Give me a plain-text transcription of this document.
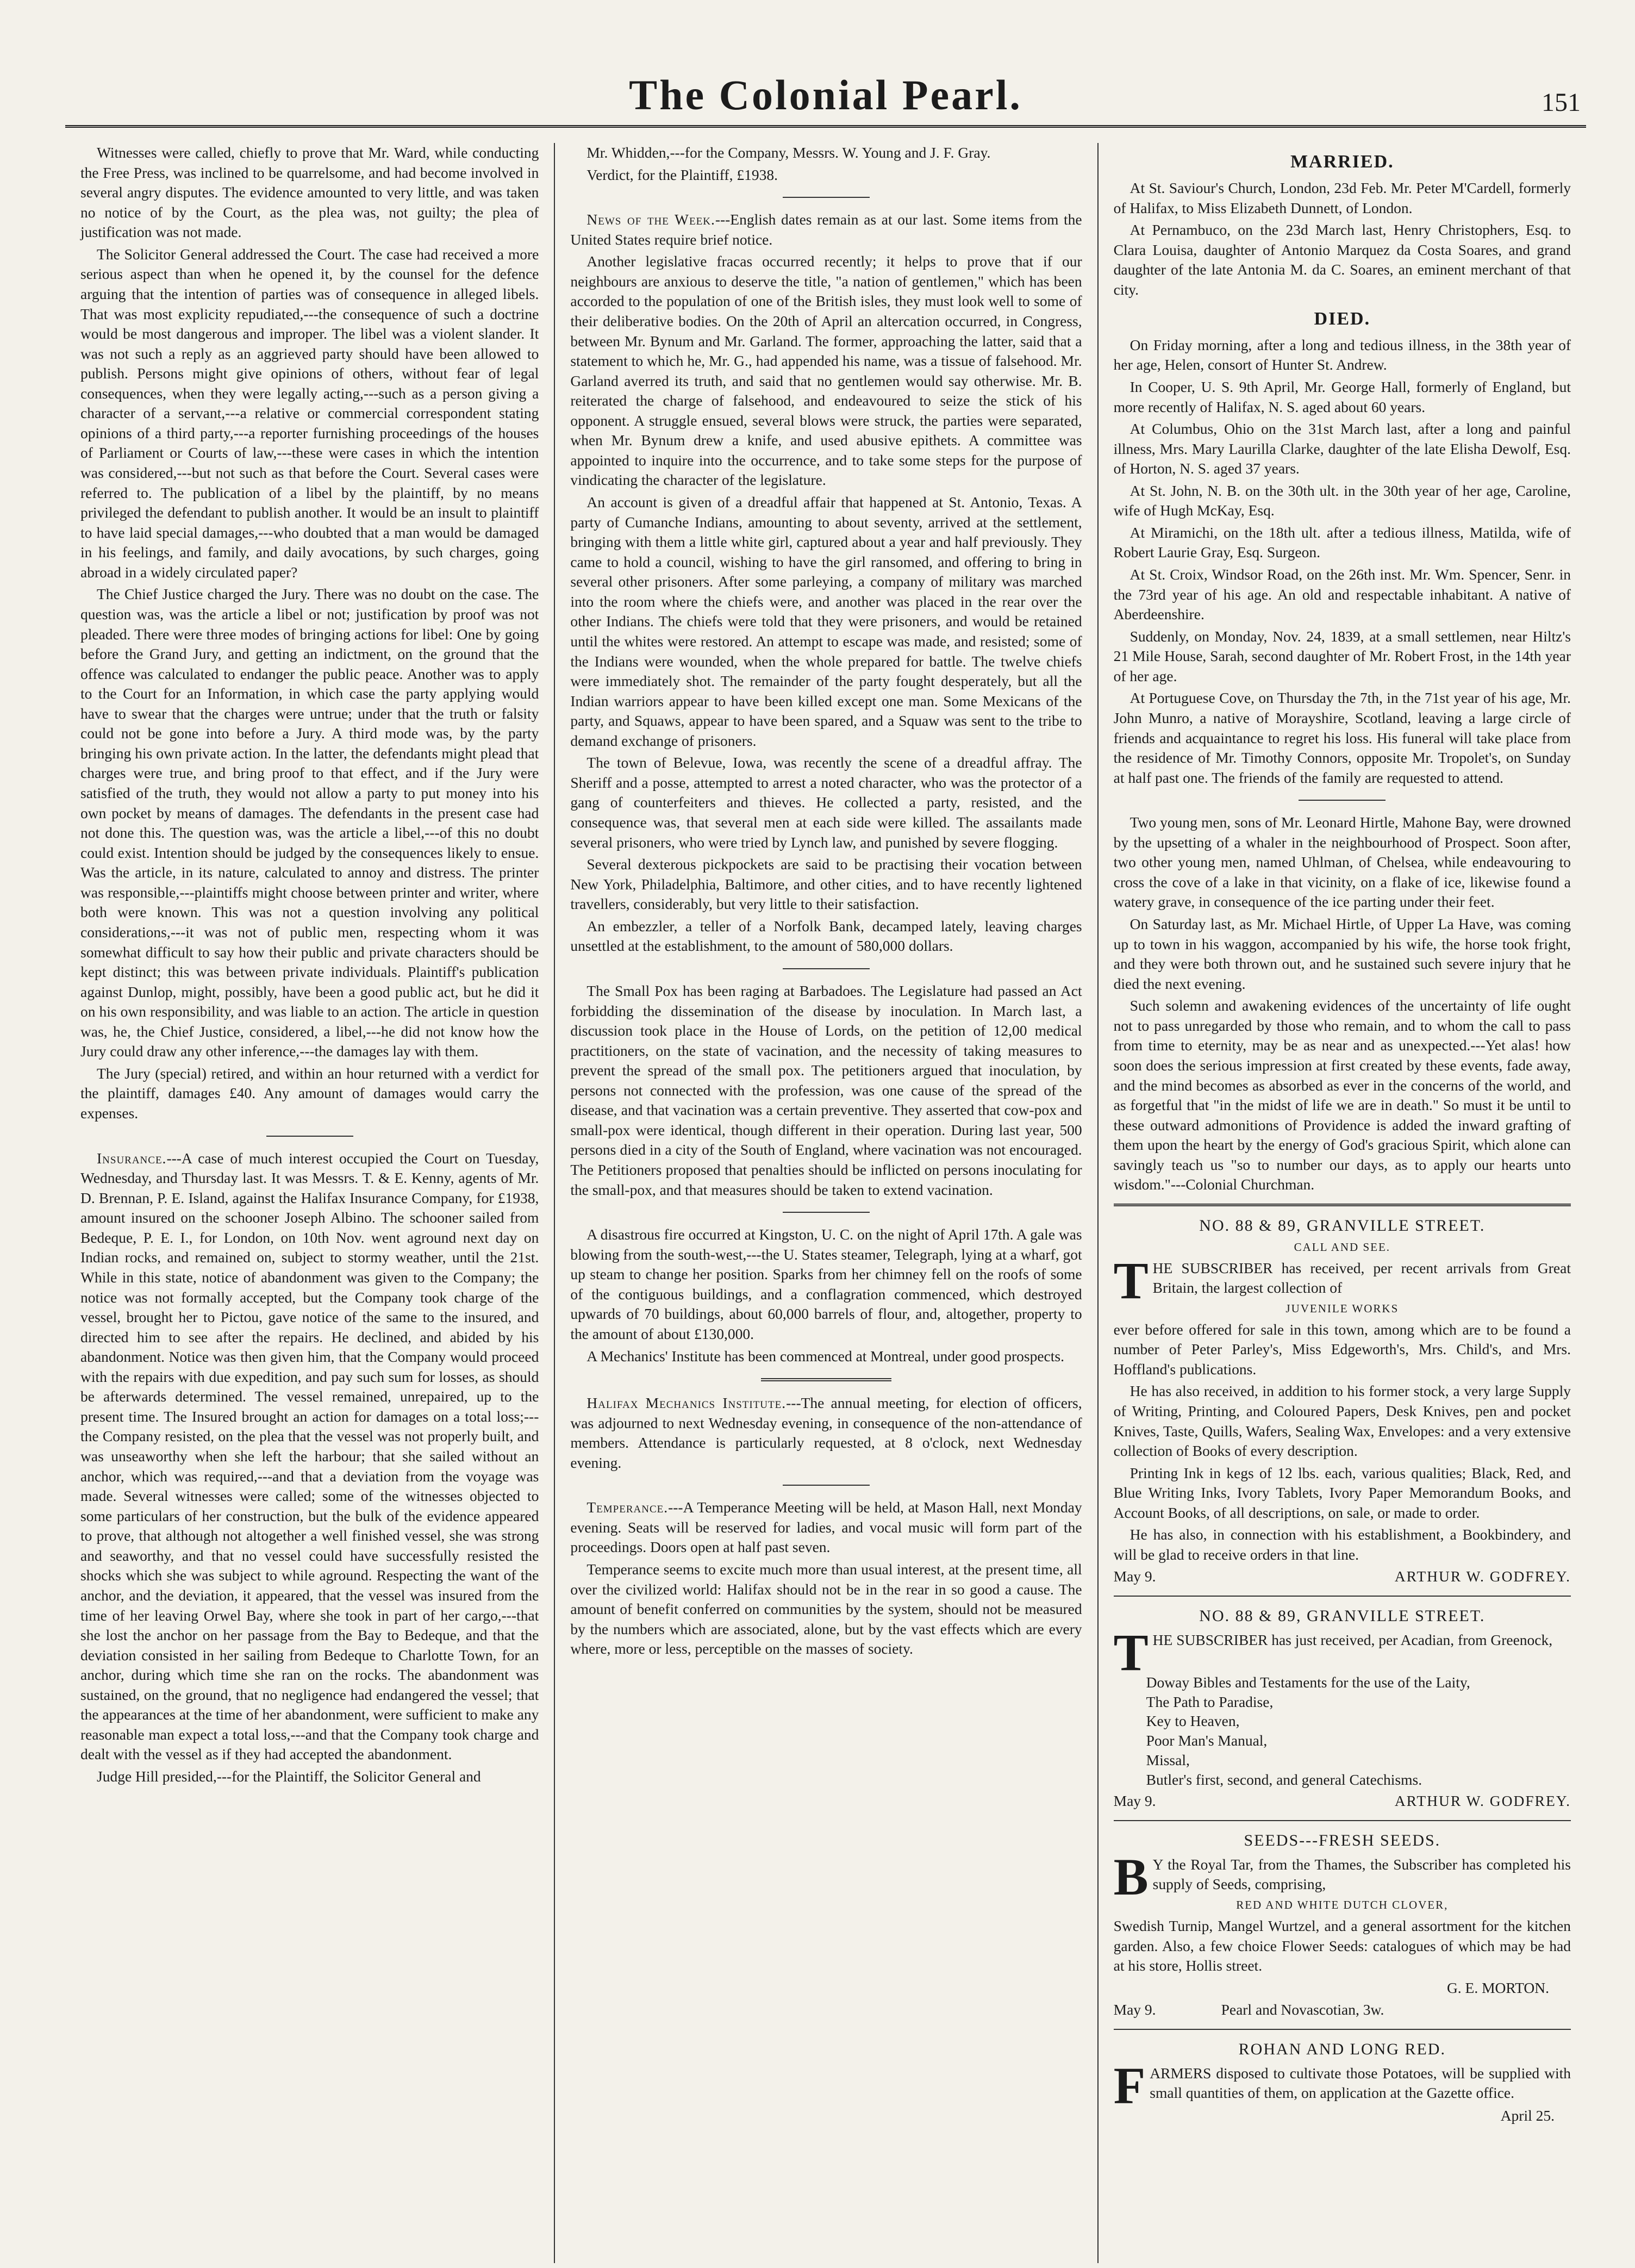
The Colonial Pearl.	151

Witnesses were called, chiefly to prove that Mr. Ward, while conducting the Free Press, was inclined to be quarrelsome, and had become involved in several angry disputes. The evidence amounted to very little, and was taken no notice of by the Court, as the plea was, not guilty; the plea of justification was not made.

The Solicitor General addressed the Court. The case had received a more serious aspect than when he opened it, by the counsel for the defence arguing that the intention of parties was of consequence in alleged libels. That was most explicity repudiated,---the consequence of such a doctrine would be most dangerous and improper. The libel was a violent slander. It was not such a reply as an aggrieved party should have been allowed to publish. Persons might give opinions of others, without fear of legal consequences, when they were legally acting,---such as a person giving a character of a servant,---a relative or commercial correspondent stating opinions of a third party,---a reporter furnishing proceedings of the houses of Parliament or Courts of law,---these were cases in which the intention was considered,---but not such as that before the Court. Several cases were referred to. The publication of a libel by the plaintiff, by no means privileged the defendant to publish another. It would be an insult to plaintiff to have laid special damages,---who doubted that a man would be damaged in his feelings, and family, and daily avocations, by such charges, going abroad in a widely circulated paper?

The Chief Justice charged the Jury. There was no doubt on the case. The question was, was the article a libel or not; justification by proof was not pleaded. There were three modes of bringing actions for libel: One by going before the Grand Jury, and getting an indictment, on the ground that the offence was calculated to endanger the public peace. Another was to apply to the Court for an Information, in which case the party applying would have to swear that the charges were untrue; under that the truth or falsity could not be gone into before a Jury. A third mode was, by the party bringing his own private action. In the latter, the defendants might plead that charges were true, and bring proof to that effect, and if the Jury were satisfied of the truth, they would not allow a party to put money into his own pocket by means of damages. The defendants in the present case had not done this. The question was, was the article a libel,---of this no doubt could exist. Intention should be judged by the consequences likely to ensue. Was the article, in its nature, calculated to annoy and distress. The printer was responsible,---plaintiffs might choose between printer and writer, where both were known. This was not a question involving any political considerations,---it was not of public men, respecting whom it was somewhat difficult to say how their public and private characters should be kept distinct; this was between private individuals. Plaintiff's publication against Dunlop, might, possibly, have been a good public act, but he did it on his own responsibility, and was liable to an action. The article in question was, he, the Chief Justice, considered, a libel,---he did not know how the Jury could draw any other inference,---the damages lay with them.

The Jury (special) retired, and within an hour returned with a verdict for the plaintiff, damages £40. Any amount of damages would carry the expenses.

Insurance.---A case of much interest occupied the Court on Tuesday, Wednesday, and Thursday last. It was Messrs. T. & E. Kenny, agents of Mr. D. Brennan, P. E. Island, against the Halifax Insurance Company, for £1938, amount insured on the schooner Joseph Albino. The schooner sailed from Bedeque, P. E. I., for London, on 10th Nov. went aground next day on Indian rocks, and remained on, subject to stormy weather, until the 21st. While in this state, notice of abandonment was given to the Company; the notice was not formally accepted, but the Company took charge of the vessel, brought her to Pictou, gave notice of the same to the insured, and directed him to see after the repairs. He declined, and abided by his abandonment. Notice was then given him, that the Company would proceed with the repairs with due expedition, and pay such sum for losses, as should be afterwards determined. The vessel remained, unrepaired, up to the present time. The Insured brought an action for damages on a total loss;---the Company resisted, on the plea that the vessel was not properly built, and was unseaworthy when she left the harbour; that she sailed without an anchor, which was required,---and that a deviation from the voyage was made. Several witnesses were called; some of the witnesses objected to some particulars of her construction, but the bulk of the evidence appeared to prove, that although not altogether a well finished vessel, she was strong and seaworthy, and that no vessel could have successfully resisted the shocks which she was subject to while aground. Respecting the want of the anchor, and the deviation, it appeared, that the vessel was insured from the time of her leaving Orwel Bay, where she took in part of her cargo,---that she lost the anchor on her passage from the Bay to Bedeque, and that the deviation consisted in her sailing from Bedeque to Charlotte Town, for an anchor, during which time she ran on the rocks. The abandonment was sustained, on the ground, that no negligence had endangered the vessel; that the appearances at the time of her abandonment, were sufficient to make any reasonable man expect a total loss,---and that the Company took charge and dealt with the vessel as if they had accepted the abandonment.

Judge Hill presided,---for the Plaintiff, the Solicitor General and

Mr. Whidden,---for the Company, Messrs. W. Young and J. F. Gray.

Verdict, for the Plaintiff, £1938.

News of the Week.---English dates remain as at our last. Some items from the United States require brief notice.

Another legislative fracas occurred recently; it helps to prove that if our neighbours are anxious to deserve the title, "a nation of gentlemen," which has been accorded to the population of one of the British isles, they must look well to some of their deliberative bodies. On the 20th of April an altercation occurred, in Congress, between Mr. Bynum and Mr. Garland. The former, approaching the latter, said that a statement to which he, Mr. G., had appended his name, was a tissue of falsehood. Mr. Garland averred its truth, and said that no gentlemen would say otherwise. Mr. B. reiterated the charge of falsehood, and endeavoured to seize the stick of his opponent. A struggle ensued, several blows were struck, the parties were separated, when Mr. Bynum drew a knife, and used abusive epithets. A committee was appointed to inquire into the occurrence, and to take some steps for the purpose of vindicating the character of the legislature.

An account is given of a dreadful affair that happened at St. Antonio, Texas. A party of Cumanche Indians, amounting to about seventy, arrived at the settlement, bringing with them a little white girl, captured about a year and half previously. They came to hold a council, wishing to have the girl ransomed, and offering to bring in several other prisoners. After some parleying, a company of military was marched into the room where the chiefs were, and another was placed in the rear over the other Indians. The chiefs were told that they were prisoners, and would be retained until the whites were restored. An attempt to escape was made, and resisted; some of the Indians were wounded, when the whole prepared for battle. The twelve chiefs were immediately shot. The remainder of the party fought desperately, but all the Indian warriors appear to have been killed except one man. Some Mexicans of the party, and Squaws, appear to have been spared, and a Squaw was sent to the tribe to demand exchange of prisoners.

The town of Belevue, Iowa, was recently the scene of a dreadful affray. The Sheriff and a posse, attempted to arrest a noted character, who was the protector of a gang of counterfeiters and thieves. He collected a party, resisted, and the consequence was, that several men at each side were killed. The assailants made several prisoners, who were tried by Lynch law, and punished by severe flogging.

Several dexterous pickpockets are said to be practising their vocation between New York, Philadelphia, Baltimore, and other cities, and to have recently lightened travellers, considerably, but very little to their satisfaction.

An embezzler, a teller of a Norfolk Bank, decamped lately, leaving charges unsettled at the establishment, to the amount of 580,000 dollars.

The Small Pox has been raging at Barbadoes. The Legislature had passed an Act forbidding the dissemination of the disease by inoculation. In March last, a discussion took place in the House of Lords, on the petition of 12,00 medical practitioners, on the state of vacination, and the necessity of taking measures to prevent the spread of the small pox. The petitioners argued that inoculation, by persons not connected with the profession, was one cause of the spread of the disease, and that vacination was a certain preventive. They asserted that cow-pox and small-pox were identical, though different in their operation. During last year, 500 persons died in a city of the South of England, where vacination was not encouraged. The Petitioners proposed that penalties should be inflicted on persons inoculating for the small-pox, and that measures should be taken to extend vacination.

A disastrous fire occurred at Kingston, U. C. on the night of April 17th. A gale was blowing from the south-west,---the U. States steamer, Telegraph, lying at a wharf, got up steam to change her position. Sparks from her chimney fell on the roofs of some of the contiguous buildings, and a conflagration commenced, which destroyed upwards of 70 buildings, about 60,000 barrels of flour, and, altogether, property to the amount of about £130,000.

A Mechanics' Institute has been commenced at Montreal, under good prospects.

Halifax Mechanics Institute.---The annual meeting, for election of officers, was adjourned to next Wednesday evening, in consequence of the non-attendance of members. Attendance is particularly requested, at 8 o'clock, next Wednesday evening.

Temperance.---A Temperance Meeting will be held, at Mason Hall, next Monday evening. Seats will be reserved for ladies, and vocal music will form part of the proceedings. Doors open at half past seven.

Temperance seems to excite much more than usual interest, at the present time, all over the civilized world: Halifax should not be in the rear in so good a cause. The amount of benefit conferred on communities by the system, should not be measured by the numbers which are associated, alone, but by the vast effects which are every where, more or less, perceptible on the masses of society.

MARRIED.

At St. Saviour's Church, London, 23d Feb. Mr. Peter M'Cardell, formerly of Halifax, to Miss Elizabeth Dunnett, of London.

At Pernambuco, on the 23d March last, Henry Christophers, Esq. to Clara Louisa, daughter of Antonio Marquez da Costa Soares, and grand daughter of the late Antonia M. da C. Soares, an eminent merchant of that city.

DIED.

On Friday morning, after a long and tedious illness, in the 38th year of her age, Helen, consort of Hunter St. Andrew.

In Cooper, U. S. 9th April, Mr. George Hall, formerly of England, but more recently of Halifax, N. S. aged about 60 years.

At Columbus, Ohio on the 31st March last, after a long and painful illness, Mrs. Mary Laurilla Clarke, daughter of the late Elisha Dewolf, Esq. of Horton, N. S. aged 37 years.

At St. John, N. B. on the 30th ult. in the 30th year of her age, Caroline, wife of Hugh McKay, Esq.

At Miramichi, on the 18th ult. after a tedious illness, Matilda, wife of Robert Laurie Gray, Esq. Surgeon.

At St. Croix, Windsor Road, on the 26th inst. Mr. Wm. Spencer, Senr. in the 73rd year of his age. An old and respectable inhabitant. A native of Aberdeenshire.

Suddenly, on Monday, Nov. 24, 1839, at a small settlemen, near Hiltz's 21 Mile House, Sarah, second daughter of Mr. Robert Frost, in the 14th year of her age.

At Portuguese Cove, on Thursday the 7th, in the 71st year of his age, Mr. John Munro, a native of Morayshire, Scotland, leaving a large circle of friends and acquaintance to regret his loss. His funeral will take place from the residence of Mr. Timothy Connors, opposite Mr. Tropolet's, on Sunday at half past one. The friends of the family are requested to attend.

Two young men, sons of Mr. Leonard Hirtle, Mahone Bay, were drowned by the upsetting of a whaler in the neighbourhood of Prospect. Soon after, two other young men, named Uhlman, of Chelsea, while endeavouring to cross the cove of a lake in that vicinity, on a flake of ice, likewise found a watery grave, in consequence of the ice parting under their feet.

On Saturday last, as Mr. Michael Hirtle, of Upper La Have, was coming up to town in his waggon, accompanied by his wife, the horse took fright, and they were both thrown out, and he sustained such severe injury that he died the next evening.

Such solemn and awakening evidences of the uncertainty of life ought not to pass unregarded by those who remain, and to whom the call to pass from time to eternity, may be as near and as unexpected.---Yet alas! how soon does the serious impression at first created by these events, fade away, and the mind becomes as absorbed as ever in the concerns of the world, and as forgetful that "in the midst of life we are in death." So must it be until to these outward admonitions of Providence is added the inward grafting of them upon the heart by the energy of God's gracious Spirit, which alone can savingly teach us "so to number our days, as to apply our hearts unto wisdom."---Colonial Churchman.

NO. 88 & 89, GRANVILLE STREET.
CALL AND SEE.

THE SUBSCRIBER has received, per recent arrivals from Great Britain, the largest collection of

JUVENILE WORKS

ever before offered for sale in this town, among which are to be found a number of Peter Parley's, Miss Edgeworth's, Mrs. Child's, and Mrs. Hoffland's publications.

He has also received, in addition to his former stock, a very large Supply of Writing, Printing, and Coloured Papers, Desk Knives, pen and pocket Knives, Taste, Quills, Wafers, Sealing Wax, Envelopes: and a very extensive collection of Books of every description.

Printing Ink in kegs of 12 lbs. each, various qualities; Black, Red, and Blue Writing Inks, Ivory Tablets, Ivory Paper Memorandum Books, and Account Books, of all descriptions, on sale, or made to order.

He has also, in connection with his establishment, a Bookbindery, and will be glad to receive orders in that line.

May 9.	ARTHUR W. GODFREY.
NO. 88 & 89, GRANVILLE STREET.

THE SUBSCRIBER has just received, per Acadian, from Greenock,

Doway Bibles and Testaments for the use of the Laity,
The Path to Paradise,
Key to Heaven,
Poor Man's Manual,
Missal,
Butler's first, second, and general Catechisms.
May 9.	ARTHUR W. GODFREY.
SEEDS---FRESH SEEDS.

B Y the Royal Tar, from the Thames, the Subscriber has completed his supply of Seeds, comprising,

RED AND WHITE DUTCH CLOVER,

Swedish Turnip, Mangel Wurtzel, and a general assortment for the kitchen garden. Also, a few choice Flower Seeds: catalogues of which may be had at his store, Hollis street.

G. E. MORTON.
May 9.	Pearl and Novascotian, 3w.
ROHAN AND LONG RED.

FARMERS disposed to cultivate those Potatoes, will be supplied with small quantities of them, on application at the Gazette office.

April 25.
